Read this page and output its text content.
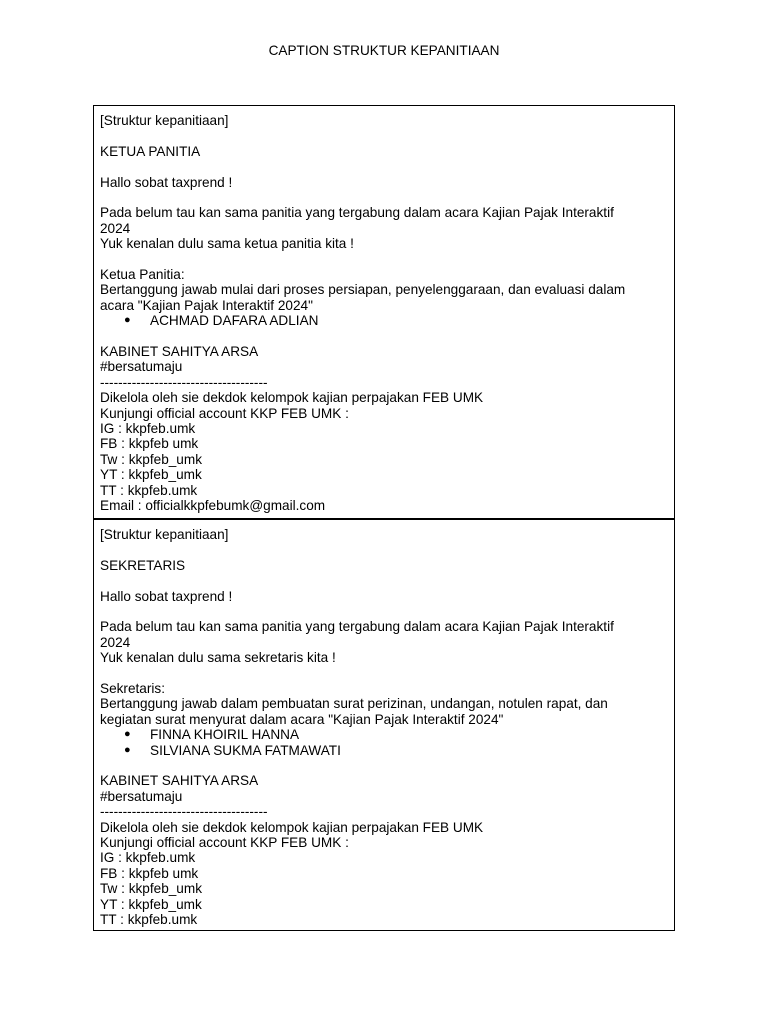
CAPTION STRUKTUR KEPANITIAAN
[Struktur kepanitiaan]
KETUA PANITIA
Hallo sobat taxprend !
Pada belum tau kan sama panitia yang tergabung dalam acara Kajian Pajak Interaktif
2024
Yuk kenalan dulu sama ketua panitia kita !
Ketua Panitia:
Bertanggung jawab mulai dari proses persiapan, penyelenggaraan, dan evaluasi dalam
acara "Kajian Pajak Interaktif 2024"
● ACHMAD DAFARA ADLIAN
KABINET SAHITYA ARSA
#bersatumaju
-------------------------------------
Dikelola oleh sie dekdok kelompok kajian perpajakan FEB UMK
Kunjungi official account KKP FEB UMK :
IG : kkpfeb.umk
FB : kkpfeb umk
Tw : kkpfeb_umk
YT : kkpfeb_umk
TT : kkpfeb.umk
Email : officialkkpfebumk@gmail.com
[Struktur kepanitiaan]
SEKRETARIS
Hallo sobat taxprend !
Pada belum tau kan sama panitia yang tergabung dalam acara Kajian Pajak Interaktif
2024
Yuk kenalan dulu sama sekretaris kita !
Sekretaris:
Bertanggung jawab dalam pembuatan surat perizinan, undangan, notulen rapat, dan
kegiatan surat menyurat dalam acara "Kajian Pajak Interaktif 2024"
● FINNA KHOIRIL HANNA
● SILVIANA SUKMA FATMAWATI
KABINET SAHITYA ARSA
#bersatumaju
-------------------------------------
Dikelola oleh sie dekdok kelompok kajian perpajakan FEB UMK
Kunjungi official account KKP FEB UMK :
IG : kkpfeb.umk
FB : kkpfeb umk
Tw : kkpfeb_umk
YT : kkpfeb_umk
TT : kkpfeb.umk
